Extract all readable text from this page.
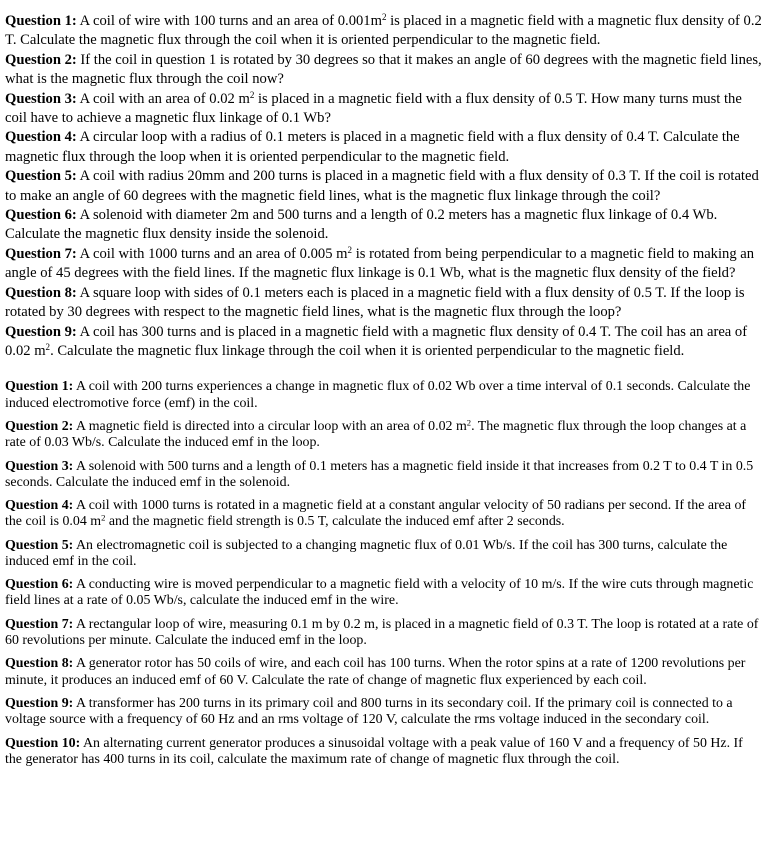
Question 1: A coil of wire with 100 turns and an area of $0.001m^2$ is placed in a magnetic field with a magnetic flux density of 0.2 T. Calculate the magnetic flux through the coil when it is oriented perpendicular to the magnetic field.

Question 2: If the coil in question 1 is rotated by 30 degrees so that it makes an angle of 60 degrees with the magnetic field lines, what is the magnetic flux through the coil now?

Question 3: A coil with an area of 0.02 $m^2$ is placed in a magnetic field with a flux density of 0.5 T. How many turns must the coil have to achieve a magnetic flux linkage of 0.1 Wb?

Question 4: A circular loop with a radius of 0.1 meters is placed in a magnetic field with a flux density of 0.4 T. Calculate the magnetic flux through the loop when it is oriented perpendicular to the magnetic field.

Question 5: A coil with radius 20mm and 200 turns is placed in a magnetic field with a flux density of 0.3 T. If the coil is rotated to make an angle of 60 degrees with the magnetic field lines, what is the magnetic flux linkage through the coil?

Question 6: A solenoid with diameter 2m and 500 turns and a length of 0.2 meters has a magnetic flux linkage of 0.4 Wb. Calculate the magnetic flux density inside the solenoid.

Question 7: A coil with 1000 turns and an area of 0.005 $m^2$ is rotated from being perpendicular to a magnetic field to making an angle of 45 degrees with the field lines. If the magnetic flux linkage is 0.1 Wb, what is the magnetic flux density of the field?

Question 8: A square loop with sides of 0.1 meters each is placed in a magnetic field with a flux density of 0.5 T. If the loop is rotated by 30 degrees with respect to the magnetic field lines, what is the magnetic flux through the loop?

Question 9: A coil has 300 turns and is placed in a magnetic field with a magnetic flux density of 0.4 T. The coil has an area of 0.02 $m^2$. Calculate the magnetic flux linkage through the coil when it is oriented perpendicular to the magnetic field.

Question 1: A coil with 200 turns experiences a change in magnetic flux of 0.02 Wb over a time interval of 0.1 seconds. Calculate the induced electromotive force (emf) in the coil.

Question 2: A magnetic field is directed into a circular loop with an area of 0.02 $m^2$. The magnetic flux through the loop changes at a rate of 0.03 Wb/s. Calculate the induced emf in the loop.

Question 3: A solenoid with 500 turns and a length of 0.1 meters has a magnetic field inside it that increases from 0.2 T to 0.4 T in 0.5 seconds. Calculate the induced emf in the solenoid.

Question 4: A coil with 1000 turns is rotated in a magnetic field at a constant angular velocity of 50 radians per second. If the area of the coil is 0.04 $m^2$ and the magnetic field strength is 0.5 T, calculate the induced emf after 2 seconds.

Question 5: An electromagnetic coil is subjected to a changing magnetic flux of 0.01 Wb/s. If the coil has 300 turns, calculate the induced emf in the coil.

Question 6: A conducting wire is moved perpendicular to a magnetic field with a velocity of 10 m/s. If the wire cuts through magnetic field lines at a rate of 0.05 Wb/s, calculate the induced emf in the wire.

Question 7: A rectangular loop of wire, measuring 0.1 m by 0.2 m, is placed in a magnetic field of 0.3 T. The loop is rotated at a rate of 60 revolutions per minute. Calculate the induced emf in the loop.

Question 8: A generator rotor has 50 coils of wire, and each coil has 100 turns. When the rotor spins at a rate of 1200 revolutions per minute, it produces an induced emf of 60 V. Calculate the rate of change of magnetic flux experienced by each coil.

Question 9: A transformer has 200 turns in its primary coil and 800 turns in its secondary coil. If the primary coil is connected to a voltage source with a frequency of 60 Hz and an rms voltage of 120 V, calculate the rms voltage induced in the secondary coil.

Question 10: An alternating current generator produces a sinusoidal voltage with a peak value of 160 V and a frequency of 50 Hz. If the generator has 400 turns in its coil, calculate the maximum rate of change of magnetic flux through the coil.
